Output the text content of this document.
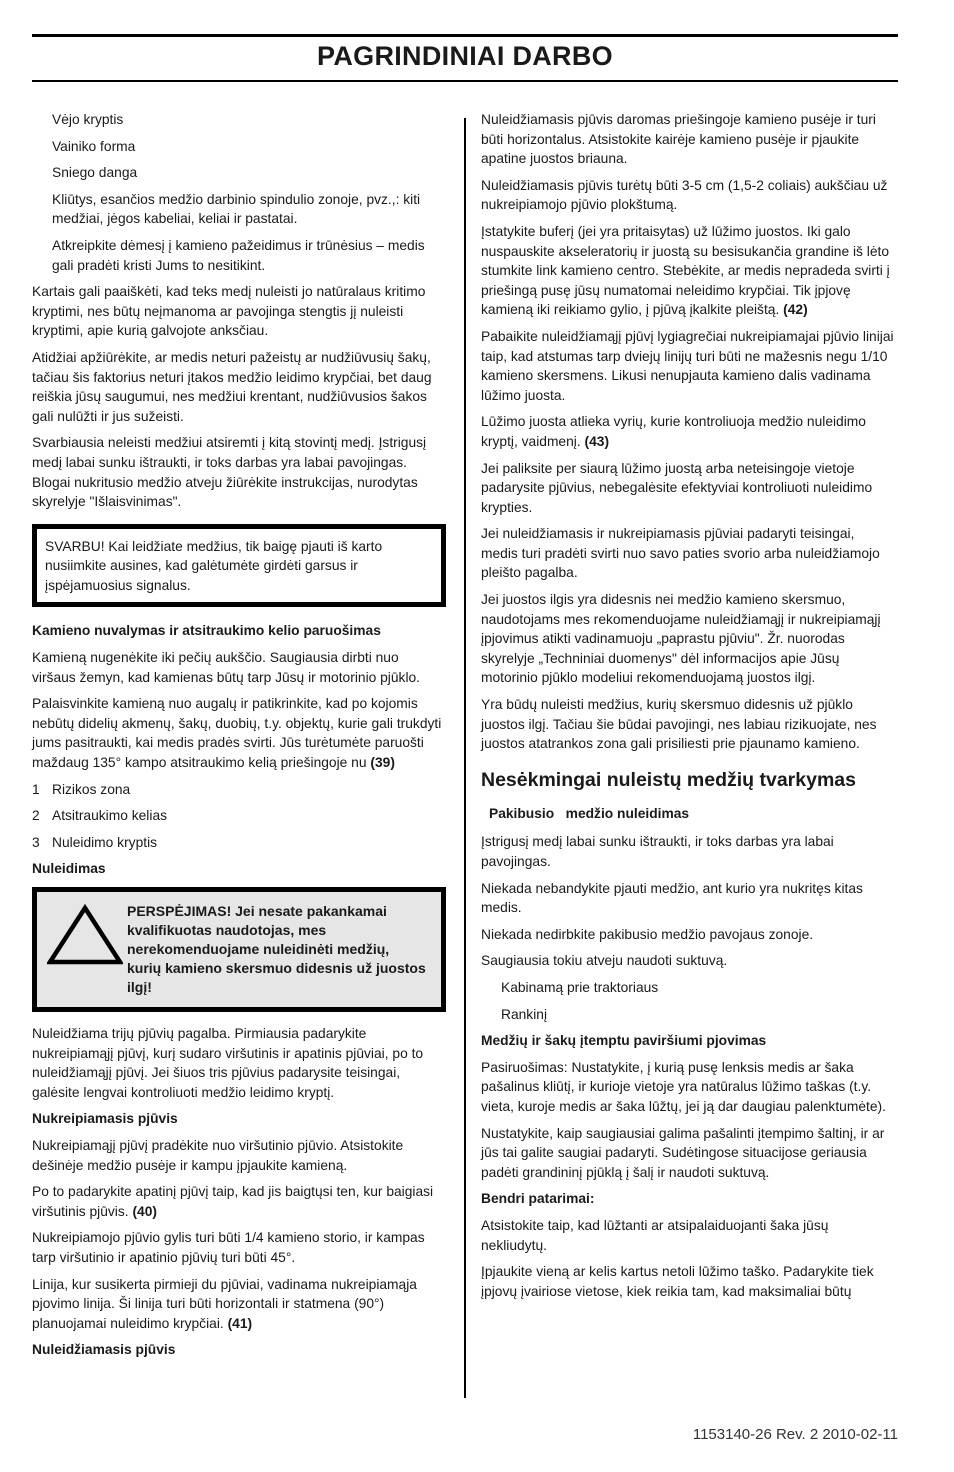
PAGRINDINIAI DARBO

Vėjo kryptis

Vainiko forma

Sniego danga

Kliūtys, esančios medžio darbinio spindulio zonoje, pvz.,: kiti medžiai, jėgos kabeliai, keliai ir pastatai.

Atkreipkite dėmesį į kamieno pažeidimus ir trūnėsius – medis gali pradėti kristi Jums to nesitikint.

Kartais gali paaiškėti, kad teks medį nuleisti jo natūralaus kritimo kryptimi, nes būtų neįmanoma ar pavojinga stengtis jį nuleisti kryptimi, apie kurią galvojote anksčiau.

Atidžiai apžiūrėkite, ar medis neturi pažeistų ar nudžiūvusių šakų, tačiau šis faktorius neturi įtakos medžio leidimo krypčiai, bet daug reiškia jūsų saugumui, nes medžiui krentant, nudžiūvusios šakos gali nulūžti ir jus sužeisti.

Svarbiausia neleisti medžiui atsiremti į kitą stovintį medį. Įstrigusį medį labai sunku ištraukti, ir toks darbas yra labai pavojingas. Blogai nukritusio medžio atveju žiūrėkite instrukcijas, nurodytas skyrelyje "Išlaisvinimas".

SVARBU! Kai leidžiate medžius, tik baigę pjauti iš karto nusiimkite ausines, kad galėtumėte girdėti garsus ir įspėjamuosius signalus.

Kamieno nuvalymas ir atsitraukimo kelio paruošimas

Kamieną nugenėkite iki pečių aukščio. Saugiausia dirbti nuo viršaus žemyn, kad kamienas būtų tarp Jūsų ir motorinio pjūklo.

Palaisvinkite kamieną nuo augalų ir patikrinkite, kad po kojomis nebūtų didelių akmenų, šakų, duobių, t.y. objektų, kurie gali trukdyti jums pasitraukti, kai medis pradės svirti. Jūs turėtumėte paruošti maždaug 135° kampo atsitraukimo kelią priešingoje nu (39)

1 Rizikos zona
2 Atsitraukimo kelias
3 Nuleidimo kryptis

Nuleidimas

PERSPĖJIMAS! Jei nesate pakankamai kvalifikuotas naudotojas, mes nerekomenduojame nuleidinėti medžių, kurių kamieno skersmuo didesnis už juostos ilgį!

Nuleidžiama trijų pjūvių pagalba. Pirmiausia padarykite nukreipiamąjį pjūvį, kurį sudaro viršutinis ir apatinis pjūviai, po to nuleidžiamąjį pjūvį. Jei šiuos tris pjūvius padarysite teisingai, galėsite lengvai kontroliuoti medžio leidimo kryptį.

Nukreipiamasis pjūvis

Nukreipiamąjį pjūvį pradėkite nuo viršutinio pjūvio. Atsistokite dešinėje medžio pusėje ir kampu įpjaukite kamieną.

Po to padarykite apatinį pjūvį taip, kad jis baigtųsi ten, kur baigiasi viršutinis pjūvis. (40)

Nukreipiamojo pjūvio gylis turi būti 1/4 kamieno storio, ir kampas tarp viršutinio ir apatinio pjūvių turi būti 45°.

Linija, kur susikerta pirmieji du pjūviai, vadinama nukreipiamąja pjovimo linija. Ši linija turi būti horizontali ir statmena (90°) planuojamai nuleidimo krypčiai. (41)

Nuleidžiamasis pjūvis

Nuleidžiamasis pjūvis daromas priešingoje kamieno pusėje ir turi būti horizontalus. Atsistokite kairėje kamieno pusėje ir pjaukite apatine juostos briauna.

Nuleidžiamasis pjūvis turėtų būti 3-5 cm (1,5-2 coliais) aukščiau už nukreipiamojo pjūvio plokštumą.

Įstatykite buferį (jei yra pritaisytas) už lūžimo juostos. Iki galo nuspauskite akseleratorių ir juostą su besisukančia grandine iš lėto stumkite link kamieno centro. Stebėkite, ar medis nepradeda svirti į priešingą pusę jūsų numatomai neleidimo krypčiai. Tik įpjovę kamieną iki reikiamo gylio, į pjūvą įkalkite pleištą. (42)

Pabaikite nuleidžiamąjį pjūvį lygiagrečiai nukreipiamajai pjūvio linijai taip, kad atstumas tarp dviejų linijų turi būti ne mažesnis negu 1/10 kamieno skersmens. Likusi nenupjauta kamieno dalis vadinama lūžimo juosta.

Lūžimo juosta atlieka vyrių, kurie kontroliuoja medžio nuleidimo kryptį, vaidmenį. (43)

Jei paliksite per siaurą lūžimo juostą arba neteisingoje vietoje padarysite pjūvius, nebegalėsite efektyviai kontroliuoti nuleidimo krypties.

Jei nuleidžiamasis ir nukreipiamasis pjūviai padaryti teisingai, medis turi pradėti svirti nuo savo paties svorio arba nuleidžiamojo pleišto pagalba.

Jei juostos ilgis yra didesnis nei medžio kamieno skersmuo, naudotojams mes rekomenduojame nuleidžiamąjį ir nukreipiamąjį įpjovimus atikti vadinamuoju „paprastu pjūviu". Žr. nuorodas skyrelyje „Techniniai duomenys" dėl informacijos apie Jūsų motorinio pjūklo modeliui rekomenduojamą juostos ilgį.

Yra būdų nuleisti medžius, kurių skersmuo didesnis už pjūklo juostos ilgį. Tačiau šie būdai pavojingi, nes labiau rizikuojate, nes juostos atatrankos zona gali prisiliesti prie pjaunamo kamieno.

Nesėkmingai nuleistų medžių tvarkymas

Pakibusio   medžio nuleidimas

Įstrigusį medį labai sunku ištraukti, ir toks darbas yra labai pavojingas.

Niekada nebandykite pjauti medžio, ant kurio yra nukritęs kitas medis.

Niekada nedirbkite pakibusio medžio pavojaus zonoje.

Saugiausia tokiu atveju naudoti suktuvą.

Kabinamą prie traktoriaus

Rankinį

Medžių ir šakų įtemptu paviršiumi pjovimas

Pasiruošimas: Nustatykite, į kurią pusę lenksis medis ar šaka pašalinus kliūtį, ir kurioje vietoje yra natūralus lūžimo taškas (t.y. vieta, kuroje medis ar šaka lūžtų, jei ją dar daugiau palenktumėte).

Nustatykite, kaip saugiausiai galima pašalinti įtempimo šaltinį, ir ar jūs tai galite saugiai padaryti. Sudėtingose situacijose geriausia padėti grandininį pjūklą į šalį ir naudoti suktuvą.

Bendri patarimai:

Atsistokite taip, kad lūžtanti ar atsipalaiduojanti šaka jūsų nekliudytų.

Įpjaukite vieną ar kelis kartus netoli lūžimo taško. Padarykite tiek įpjovų įvairiose vietose, kiek reikia tam, kad maksimaliai būtų

1153140-26 Rev. 2 2010-02-11
